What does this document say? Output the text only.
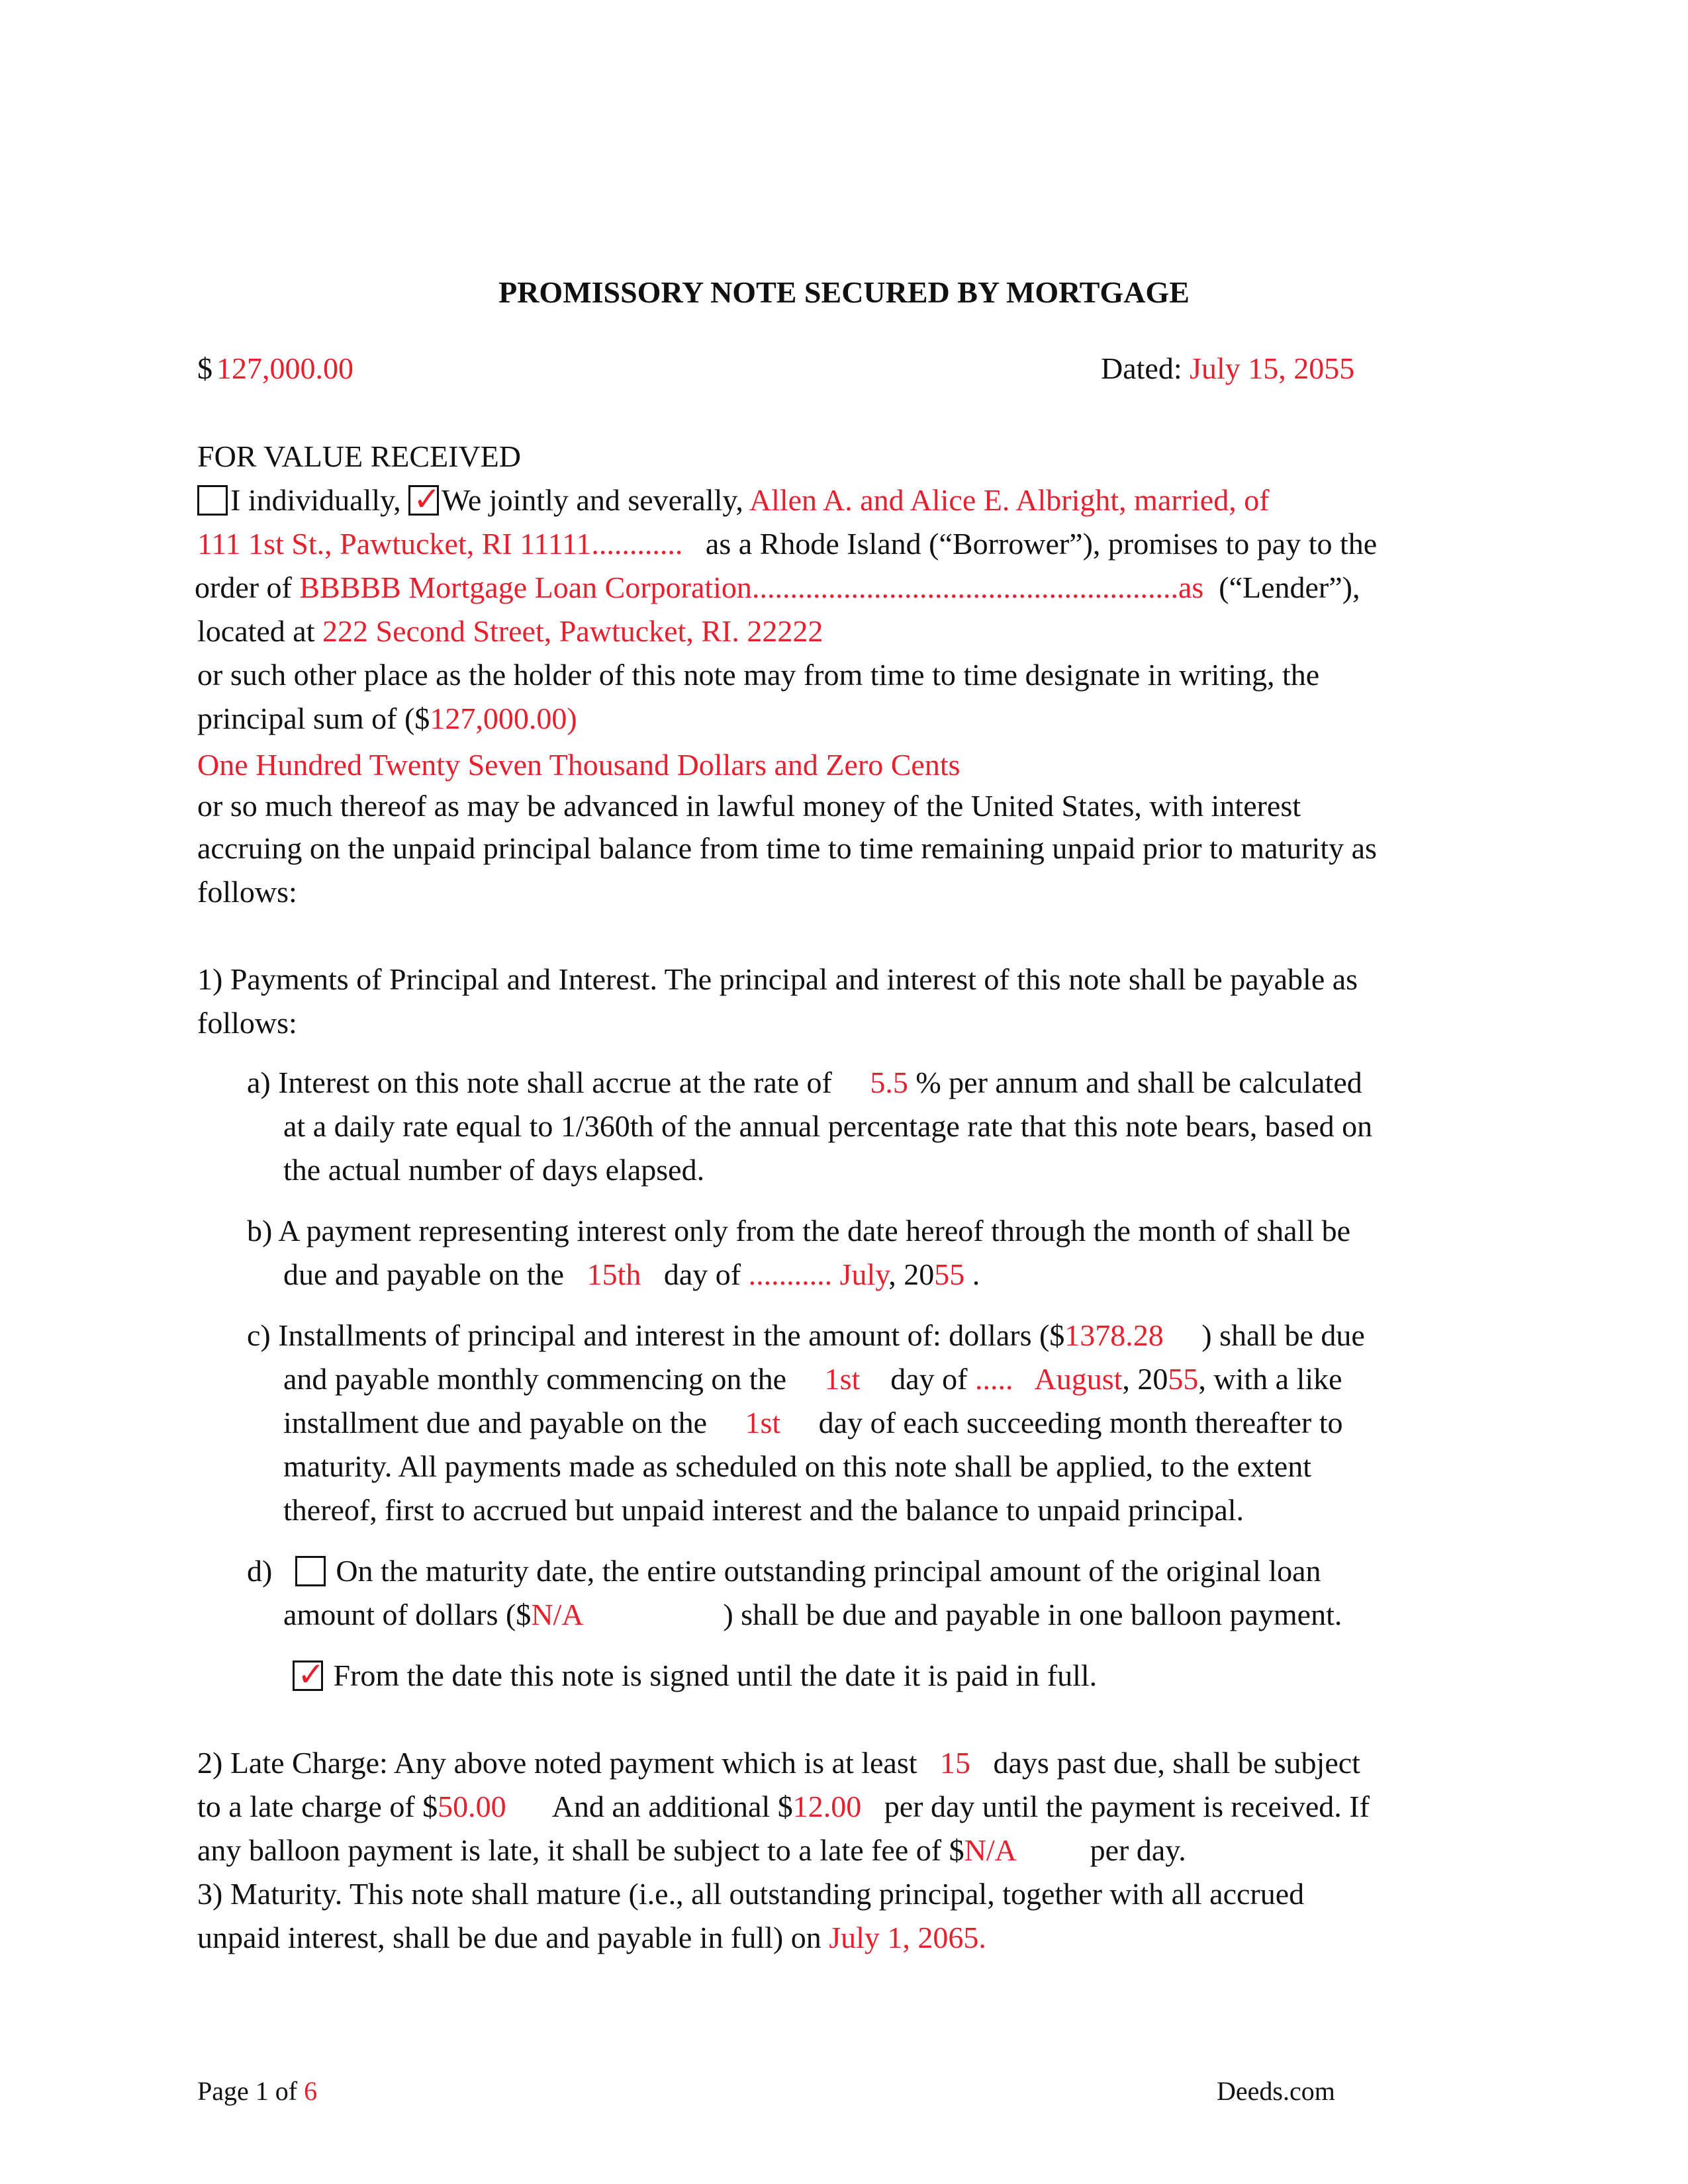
PROMISSORY NOTE SECURED BY MORTGAGE
$ 127,000.00	Dated: July 15, 2055
FOR VALUE RECEIVED
I individually, ✓ We jointly and severally, Allen A. and Alice E. Albright, married, of
111 1st St., Pawtucket, RI 11111............ as a Rhode Island (“Borrower”), promises to pay to the
order of BBBBB Mortgage Loan Corporation........................................................as (“Lender”),
located at 222 Second Street, Pawtucket, RI. 22222
or such other place as the holder of this note may from time to time designate in writing, the
principal sum of ($127,000.00)
One Hundred Twenty Seven Thousand Dollars and Zero Cents
or so much thereof as may be advanced in lawful money of the United States, with interest
accruing on the unpaid principal balance from time to time remaining unpaid prior to maturity as
follows:
1) Payments of Principal and Interest. The principal and interest of this note shall be payable as
follows:
a) Interest on this note shall accrue at the rate of 5.5 % per annum and shall be calculated
at a daily rate equal to 1/360th of the annual percentage rate that this note bears, based on
the actual number of days elapsed.
b) A payment representing interest only from the date hereof through the month of shall be
due and payable on the 15th day of ........... July, 2055 .
c) Installments of principal and interest in the amount of: dollars ($1378.28 ) shall be due
and payable monthly commencing on the 1st day of ..... August, 2055, with a like
installment due and payable on the 1st day of each succeeding month thereafter to
maturity. All payments made as scheduled on this note shall be applied, to the extent
thereof, first to accrued but unpaid interest and the balance to unpaid principal.
d) On the maturity date, the entire outstanding principal amount of the original loan
amount of dollars ($N/A	) shall be due and payable in one balloon payment.
✓ From the date this note is signed until the date it is paid in full.
2) Late Charge: Any above noted payment which is at least 15 days past due, shall be subject
to a late charge of $50.00 And an additional $12.00 per day until the payment is received. If
any balloon payment is late, it shall be subject to a late fee of $N/A per day.
3) Maturity. This note shall mature (i.e., all outstanding principal, together with all accrued
unpaid interest, shall be due and payable in full) on July 1, 2065.
Page 1 of 6	Deeds.com
